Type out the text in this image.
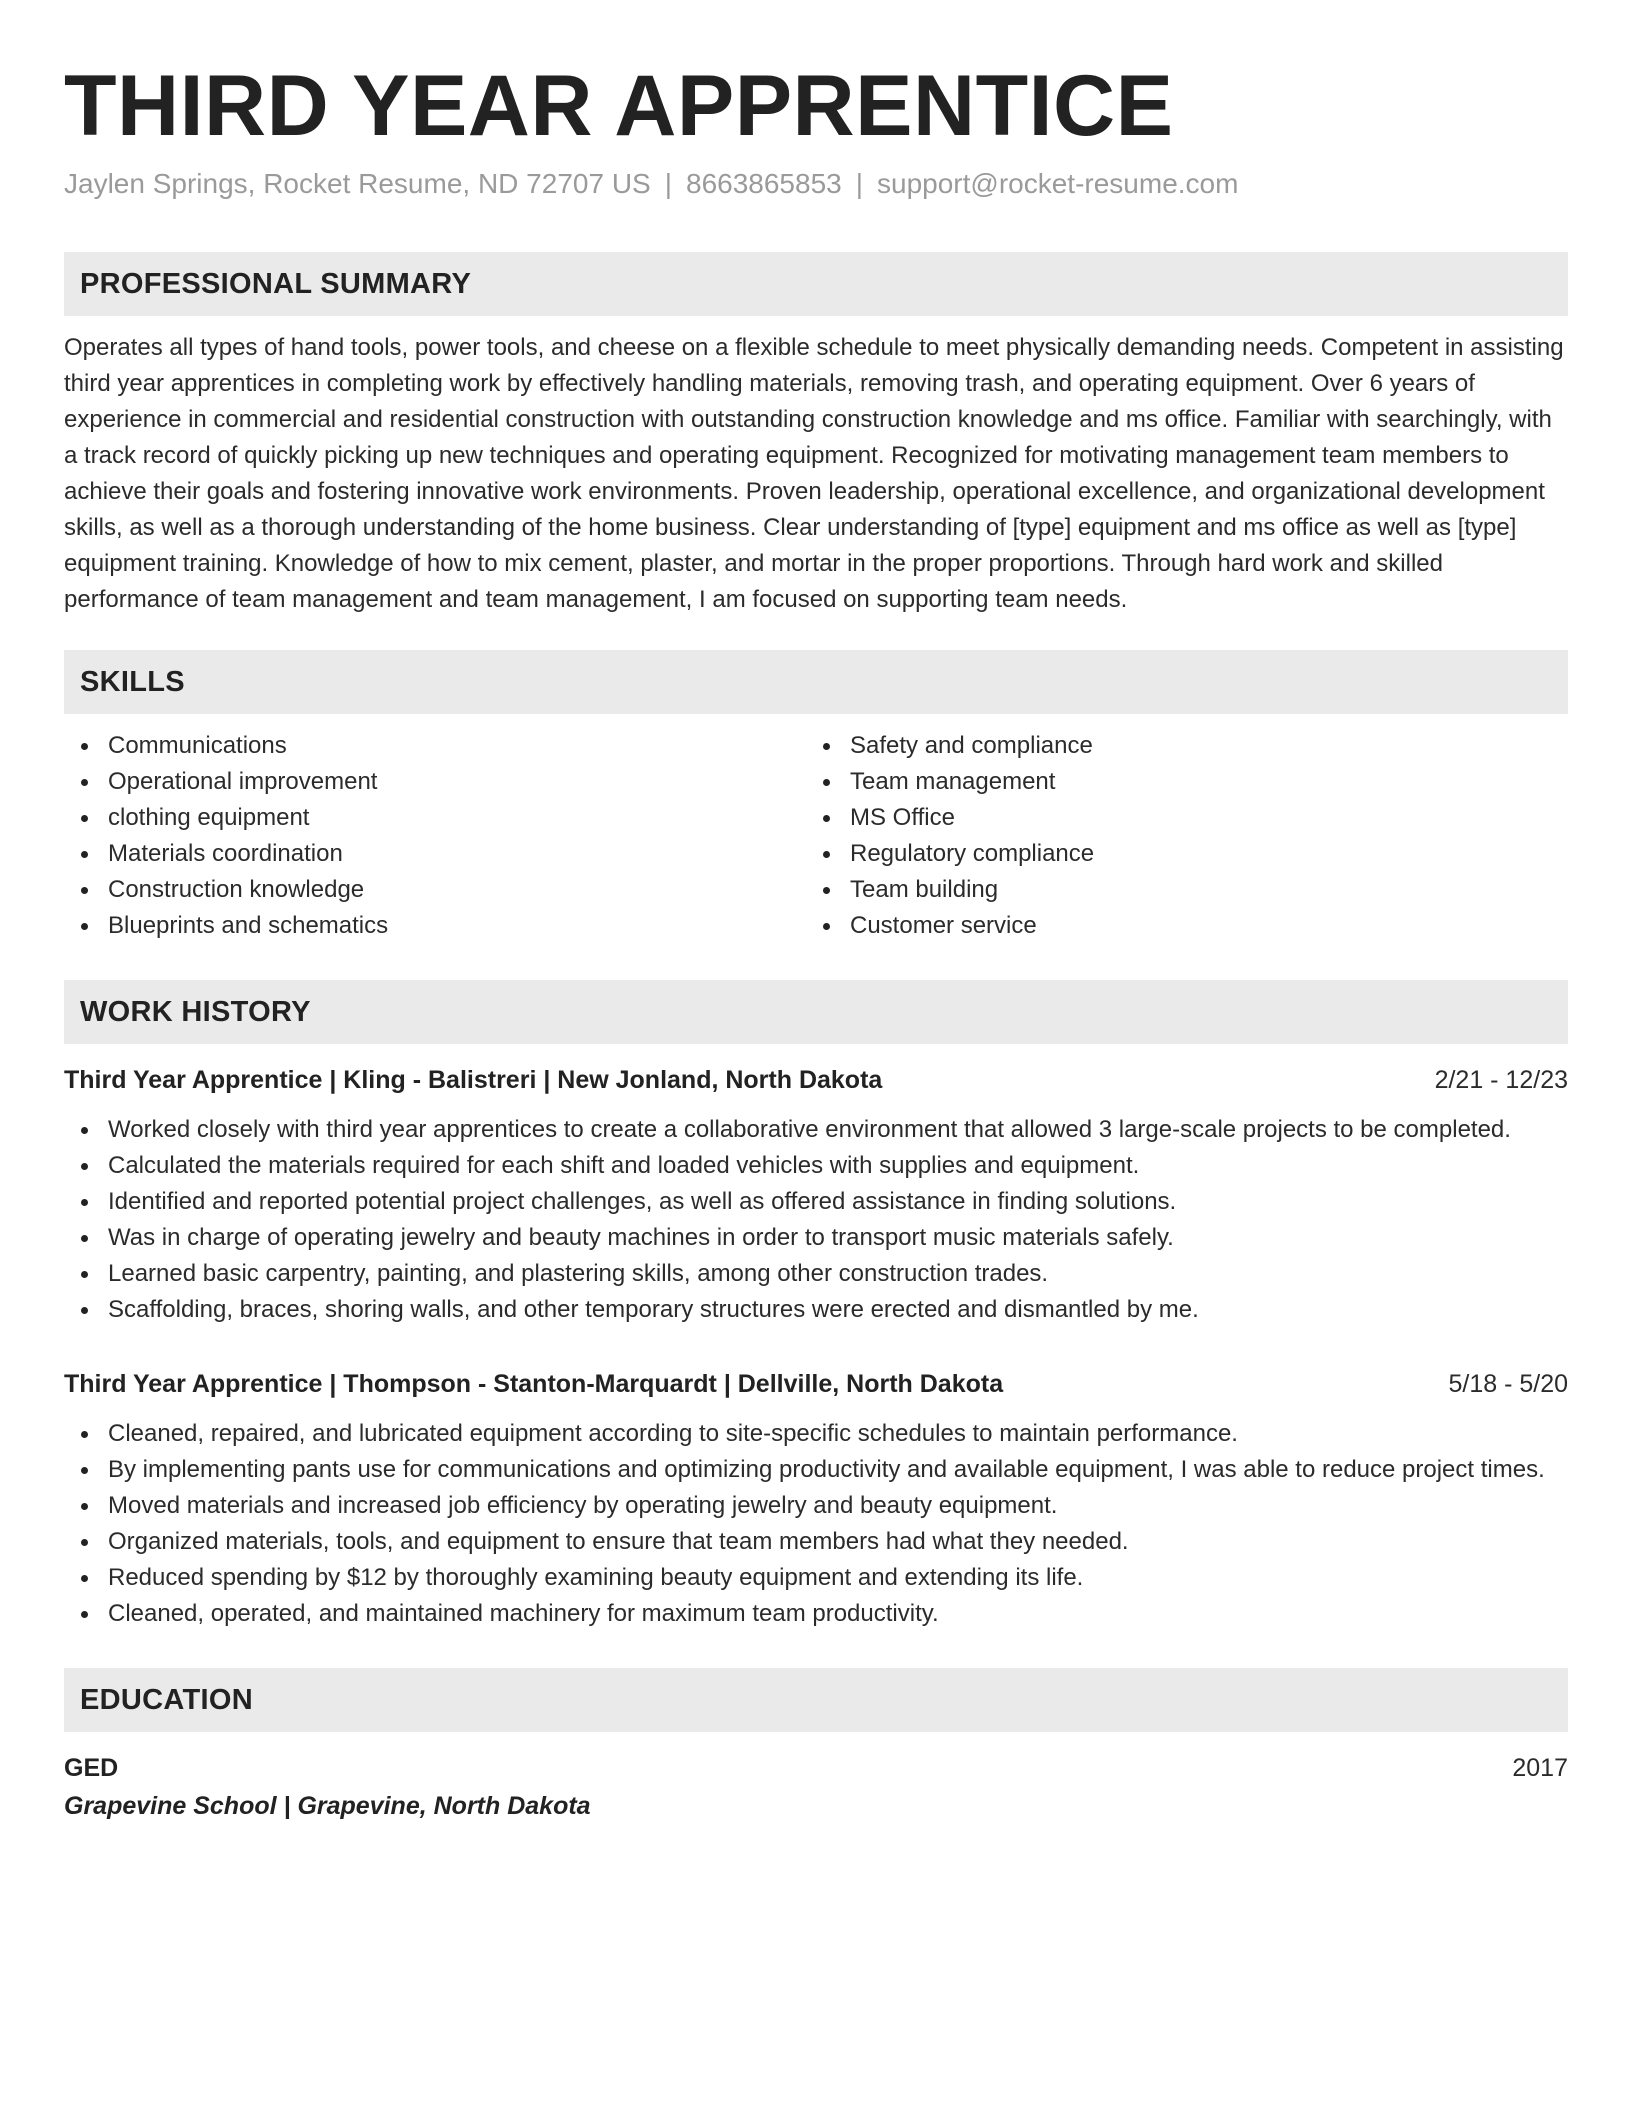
THIRD YEAR APPRENTICE
Jaylen Springs, Rocket Resume, ND 72707 US | 8663865853 | support@rocket-resume.com
PROFESSIONAL SUMMARY
Operates all types of hand tools, power tools, and cheese on a flexible schedule to meet physically demanding needs. Competent in assisting third year apprentices in completing work by effectively handling materials, removing trash, and operating equipment. Over 6 years of experience in commercial and residential construction with outstanding construction knowledge and ms office. Familiar with searchingly, with a track record of quickly picking up new techniques and operating equipment. Recognized for motivating management team members to achieve their goals and fostering innovative work environments. Proven leadership, operational excellence, and organizational development skills, as well as a thorough understanding of the home business. Clear understanding of [type] equipment and ms office as well as [type] equipment training. Knowledge of how to mix cement, plaster, and mortar in the proper proportions. Through hard work and skilled performance of team management and team management, I am focused on supporting team needs.
SKILLS
Communications
Operational improvement
clothing equipment
Materials coordination
Construction knowledge
Blueprints and schematics
Safety and compliance
Team management
MS Office
Regulatory compliance
Team building
Customer service
WORK HISTORY
Third Year Apprentice | Kling - Balistreri | New Jonland, North Dakota	2/21 - 12/23
Worked closely with third year apprentices to create a collaborative environment that allowed 3 large-scale projects to be completed.
Calculated the materials required for each shift and loaded vehicles with supplies and equipment.
Identified and reported potential project challenges, as well as offered assistance in finding solutions.
Was in charge of operating jewelry and beauty machines in order to transport music materials safely.
Learned basic carpentry, painting, and plastering skills, among other construction trades.
Scaffolding, braces, shoring walls, and other temporary structures were erected and dismantled by me.
Third Year Apprentice | Thompson - Stanton-Marquardt | Dellville, North Dakota	5/18 - 5/20
Cleaned, repaired, and lubricated equipment according to site-specific schedules to maintain performance.
By implementing pants use for communications and optimizing productivity and available equipment, I was able to reduce project times.
Moved materials and increased job efficiency by operating jewelry and beauty equipment.
Organized materials, tools, and equipment to ensure that team members had what they needed.
Reduced spending by $12 by thoroughly examining beauty equipment and extending its life.
Cleaned, operated, and maintained machinery for maximum team productivity.
EDUCATION
GED	2017
Grapevine School | Grapevine, North Dakota
